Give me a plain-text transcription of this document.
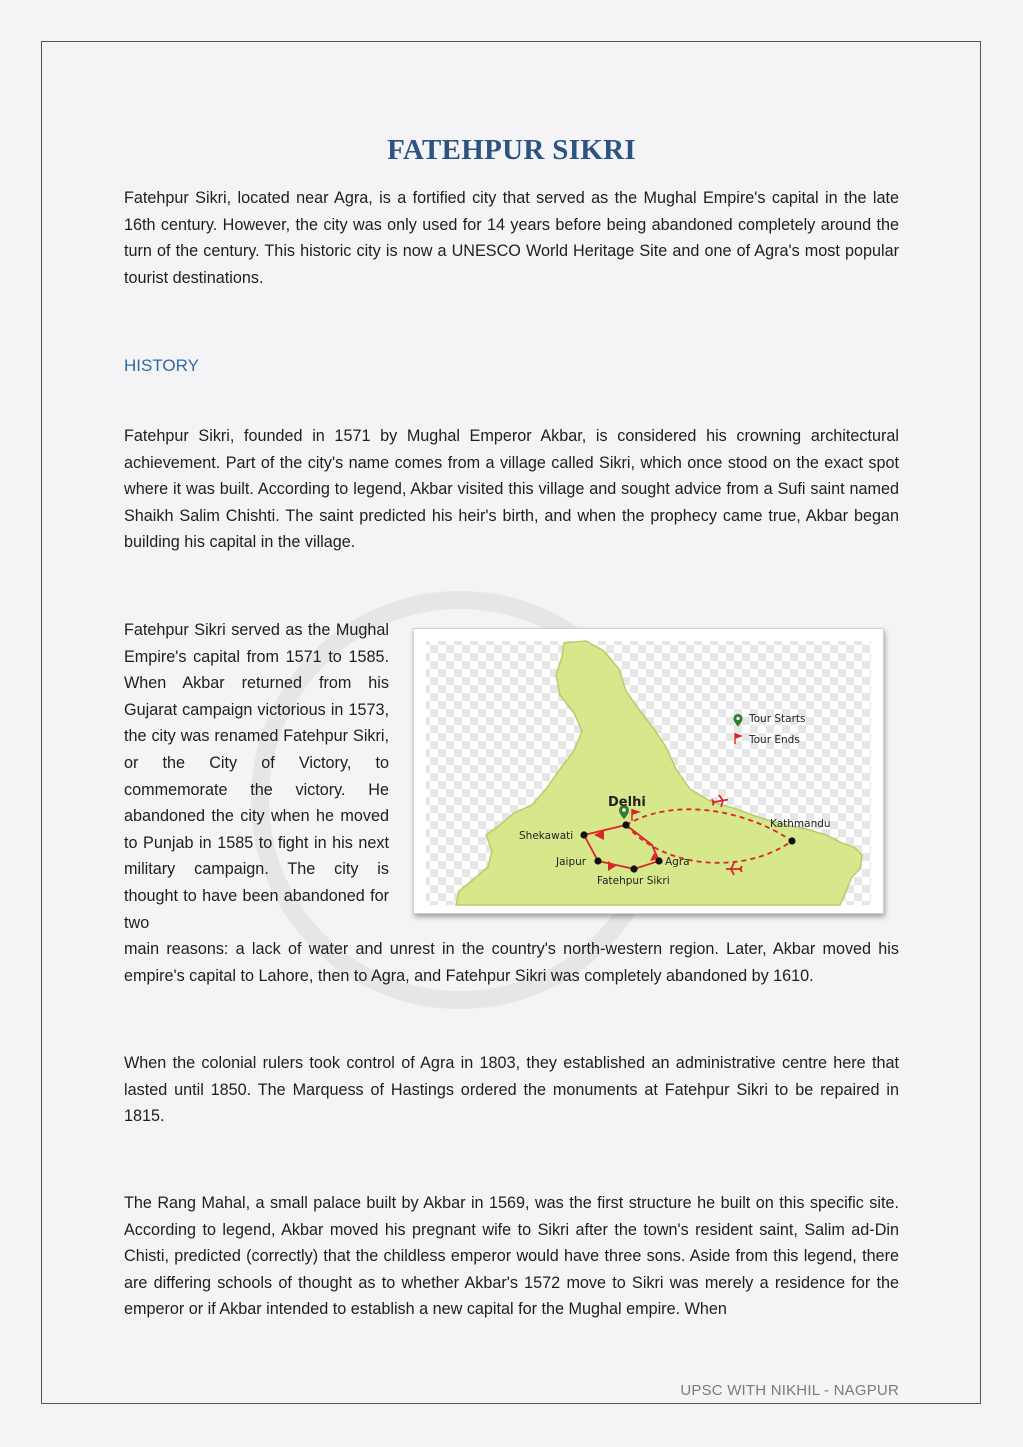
FATEHPUR SIKRI

Fatehpur Sikri, located near Agra, is a fortified city that served as the Mughal Empire's capital in the late 16th century. However, the city was only used for 14 years before being abandoned completely around the turn of the century. This historic city is now a UNESCO World Heritage Site and one of Agra's most popular tourist destinations.

HISTORY

Fatehpur Sikri, founded in 1571 by Mughal Emperor Akbar, is considered his crowning architectural achievement. Part of the city's name comes from a village called Sikri, which once stood on the exact spot where it was built. According to legend, Akbar visited this village and sought advice from a Sufi saint named Shaikh Salim Chishti. The saint predicted his heir's birth, and when the prophecy came true, Akbar began building his capital in the village.

Fatehpur Sikri served as the Mughal Empire's capital from 1571 to 1585. When Akbar returned from his Gujarat campaign victorious in 1573, the city was renamed Fatehpur Sikri, or the City of Victory, to commemorate the victory. He abandoned the city when he moved to Punjab in 1585 to fight in his next military campaign. The city is thought to have been abandoned for two

Delhi
Shekawati
Jaipur	Agra
Fatehpur Sikri
Kathmandu
Tour Starts
Tour Ends

main reasons: a lack of water and unrest in the country's north-western region. Later, Akbar moved his empire's capital to Lahore, then to Agra, and Fatehpur Sikri was completely abandoned by 1610.

When the colonial rulers took control of Agra in 1803, they established an administrative centre here that lasted until 1850. The Marquess of Hastings ordered the monuments at Fatehpur Sikri to be repaired in 1815.

The Rang Mahal, a small palace built by Akbar in 1569, was the first structure he built on this specific site. According to legend, Akbar moved his pregnant wife to Sikri after the town's resident saint, Salim ad-Din Chisti, predicted (correctly) that the childless emperor would have three sons. Aside from this legend, there are differing schools of thought as to whether Akbar's 1572 move to Sikri was merely a residence for the emperor or if Akbar intended to establish a new capital for the Mughal empire. When

UPSC WITH NIKHIL - NAGPUR
